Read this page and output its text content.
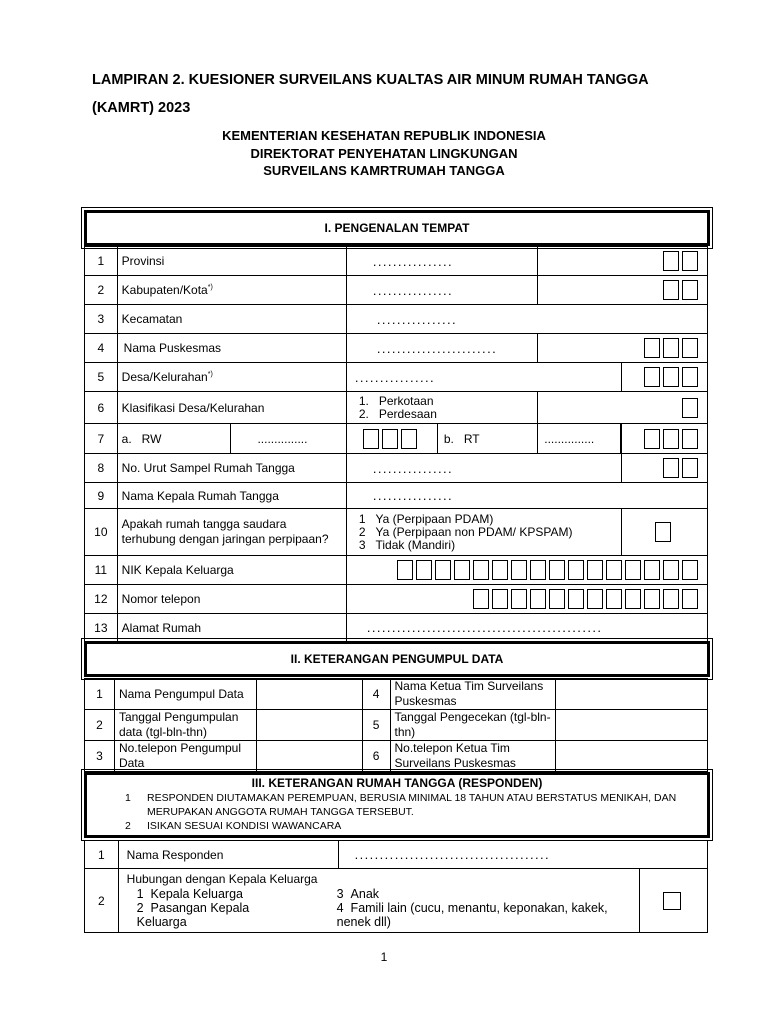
LAMPIRAN 2. KUESIONER SURVEILANS KUALTAS AIR MINUM RUMAH TANGGA (KAMRT) 2023
KEMENTERIAN KESEHATAN REPUBLIK INDONESIA
DIREKTORAT PENYEHATAN LINGKUNGAN
SURVEILANS KAMRTRUMAH TANGGA
I. PENGENALAN TEMPAT
1	Provinsi		................		
2	Kabupaten/Kota*)		................		
3	Kecamatan		................		
4	Nama Puskesmas		........................		
5	Desa/Kelurahan*)		................		
6	Klasifikasi Desa/Kelurahan		1.   Perkotaan
2.   Perdesaan		

7	a.   RW	...............	b.   RT	...............	

8	No. Urut Sampel Rumah Tangga		................		
9	Nama Kepala Rumah Tangga		................		
10	Apakah rumah tangga saudara terhubung dengan jaringan perpipaan?		1   Ya (Perpipaan PDAM)
2   Ya (Perpipaan non PDAM/ KPSPAM)
3   Tidak (Mandiri)		

11	NIK Kepala Keluarga				
12	Nomor telepon				
13	Alamat Rumah		...............................................		
II. KETERANGAN PENGUMPUL DATA
1	Nama Pengumpul Data		4	Nama Ketua Tim Surveilans Puskesmas	
2	Tanggal Pengumpulan data (tgl-bln-thn)		5	Tanggal Pengecekan (tgl-bln-thn)	
3	No.telepon Pengumpul Data		6	No.telepon Ketua Tim Surveilans Puskesmas	
III. KETERANGAN RUMAH TANGGA (RESPONDEN)
1	RESPONDEN DIUTAMAKAN PEREMPUAN, BERUSIA MINIMAL 18 TAHUN ATAU BERSTATUS MENIKAH, DAN MERUPAKAN ANGGOTA RUMAH TANGGA TERSEBUT.
2	ISIKAN SESUAI KONDISI WAWANCARA
1	Nama Responden	.......................................	
2	Hubungan dengan Kepala Keluarga
1  Kepala Keluarga
2  Pasangan Kepala Keluarga
3  Anak
4  Famili lain (cucu, menantu, keponakan, kakek, nenek dll)		

1
